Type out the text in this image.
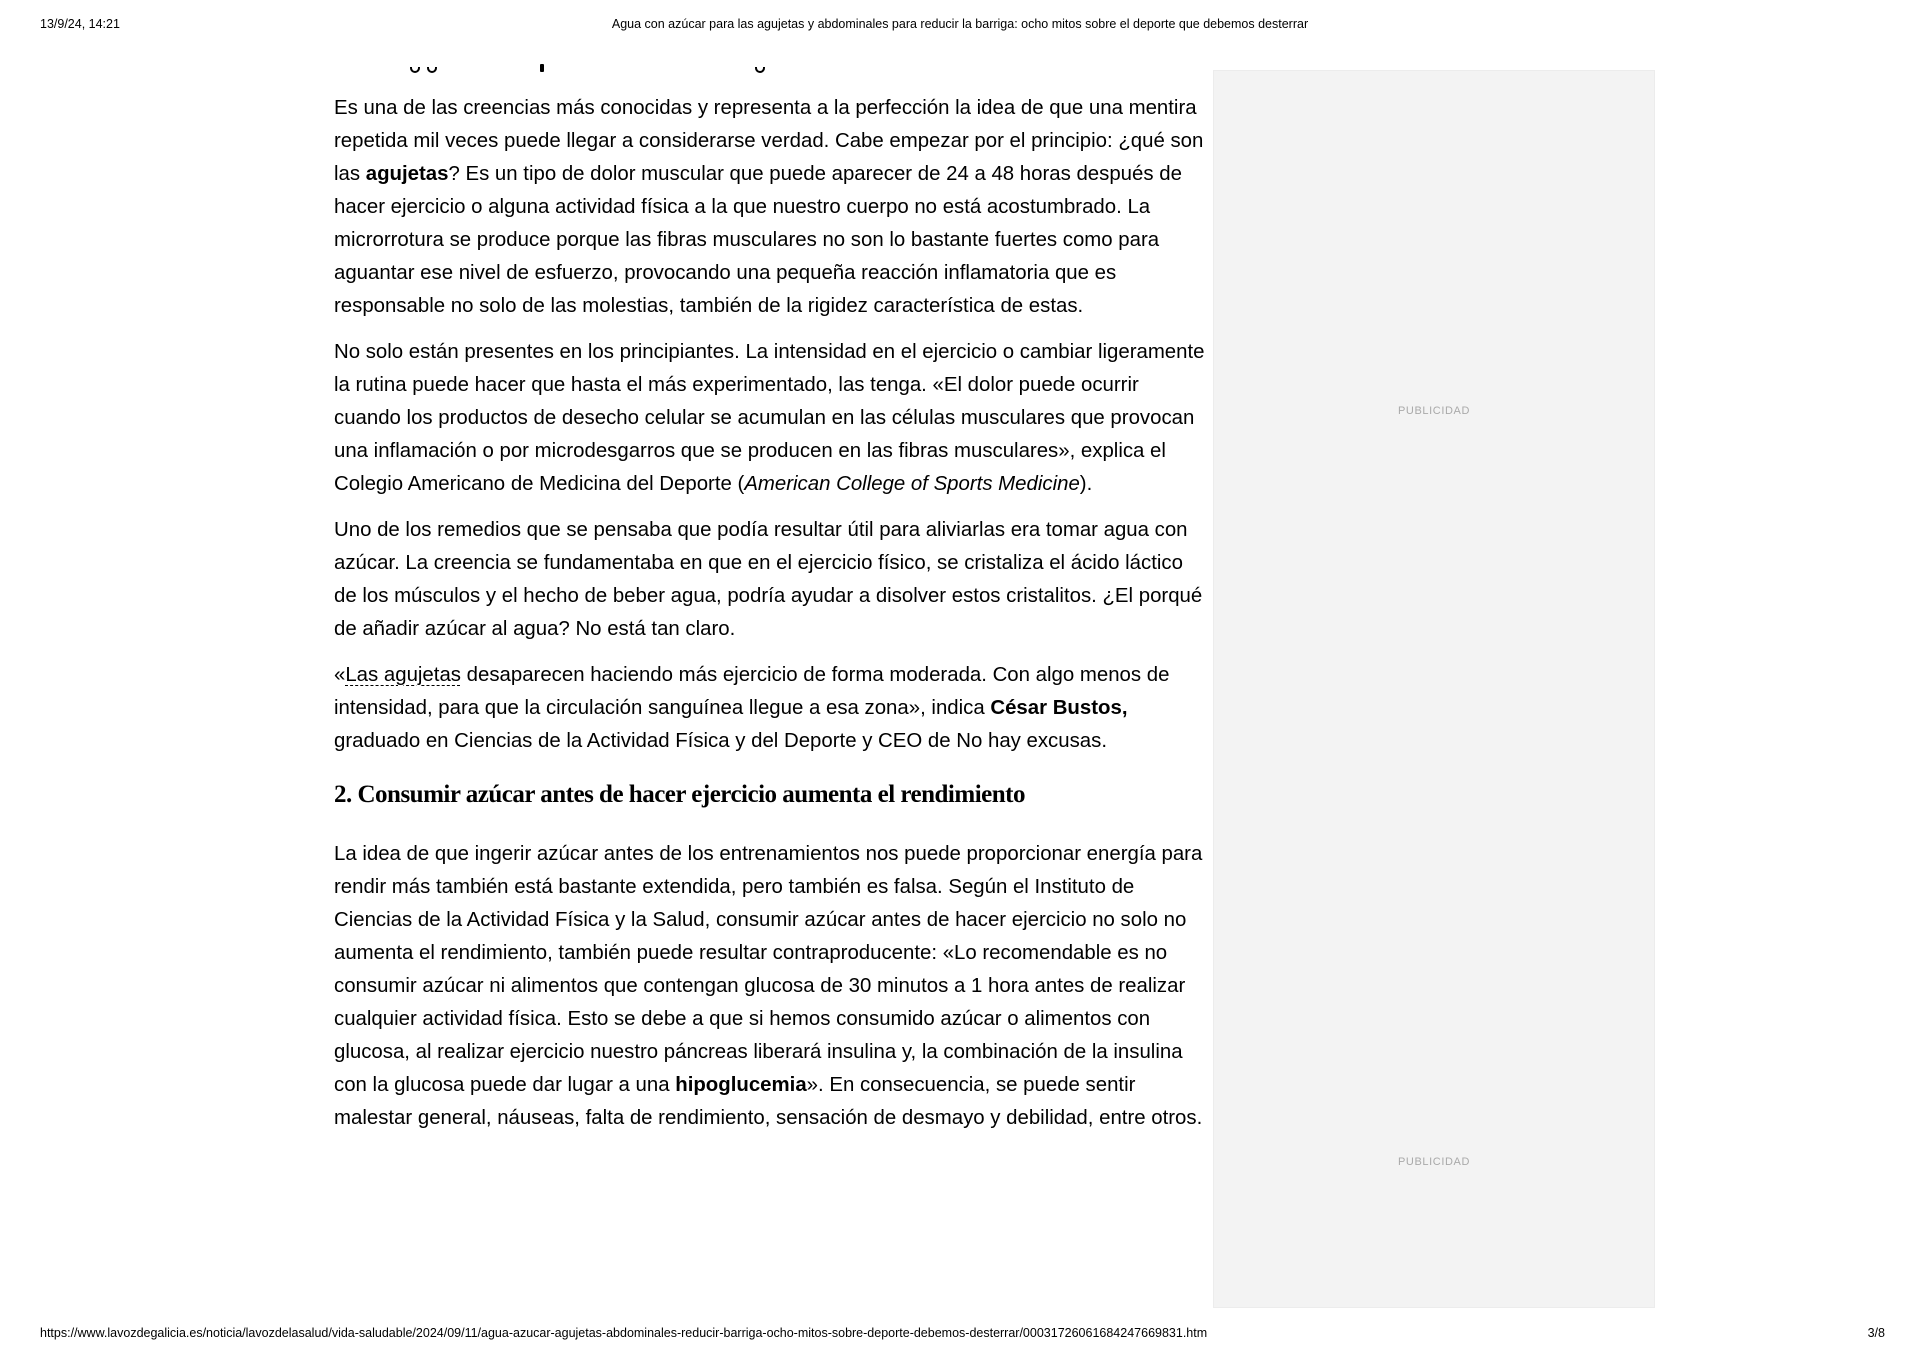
13/9/24, 14:21	Agua con azúcar para las agujetas y abdominales para reducir la barriga: ocho mitos sobre el deporte que debemos desterrar

Es una de las creencias más conocidas y representa a la perfección la idea de que una mentira repetida mil veces puede llegar a considerarse verdad. Cabe empezar por el principio: ¿qué son las agujetas? Es un tipo de dolor muscular que puede aparecer de 24 a 48 horas después de hacer ejercicio o alguna actividad física a la que nuestro cuerpo no está acostumbrado. La microrrotura se produce porque las fibras musculares no son lo bastante fuertes como para aguantar ese nivel de esfuerzo, provocando una pequeña reacción inflamatoria que es responsable no solo de las molestias, también de la rigidez característica de estas.

No solo están presentes en los principiantes. La intensidad en el ejercicio o cambiar ligeramente la rutina puede hacer que hasta el más experimentado, las tenga. «El dolor puede ocurrir cuando los productos de desecho celular se acumulan en las células musculares que provocan una inflamación o por microdesgarros que se producen en las fibras musculares», explica el Colegio Americano de Medicina del Deporte (American College of Sports Medicine).

Uno de los remedios que se pensaba que podía resultar útil para aliviarlas era tomar agua con azúcar. La creencia se fundamentaba en que en el ejercicio físico, se cristaliza el ácido láctico de los músculos y el hecho de beber agua, podría ayudar a disolver estos cristalitos. ¿El porqué de añadir azúcar al agua? No está tan claro.

«Las agujetas desaparecen haciendo más ejercicio de forma moderada. Con algo menos de intensidad, para que la circulación sanguínea llegue a esa zona», indica César Bustos, graduado en Ciencias de la Actividad Física y del Deporte y CEO de No hay excusas.

2. Consumir azúcar antes de hacer ejercicio aumenta el rendimiento

La idea de que ingerir azúcar antes de los entrenamientos nos puede proporcionar energía para rendir más también está bastante extendida, pero también es falsa. Según el Instituto de Ciencias de la Actividad Física y la Salud, consumir azúcar antes de hacer ejercicio no solo no aumenta el rendimiento, también puede resultar contraproducente: «Lo recomendable es no consumir azúcar ni alimentos que contengan glucosa de 30 minutos a 1 hora antes de realizar cualquier actividad física. Esto se debe a que si hemos consumido azúcar o alimentos con glucosa, al realizar ejercicio nuestro páncreas liberará insulina y, la combinación de la insulina con la glucosa puede dar lugar a una hipoglucemia». En consecuencia, se puede sentir malestar general, náuseas, falta de rendimiento, sensación de desmayo y debilidad, entre otros.

PUBLICIDAD
PUBLICIDAD
https://www.lavozdegalicia.es/noticia/lavozdelasalud/vida-saludable/2024/09/11/agua-azucar-agujetas-abdominales-reducir-barriga-ocho-mitos-sobre-deporte-debemos-desterrar/00031726061684247669831.htm	3/8
